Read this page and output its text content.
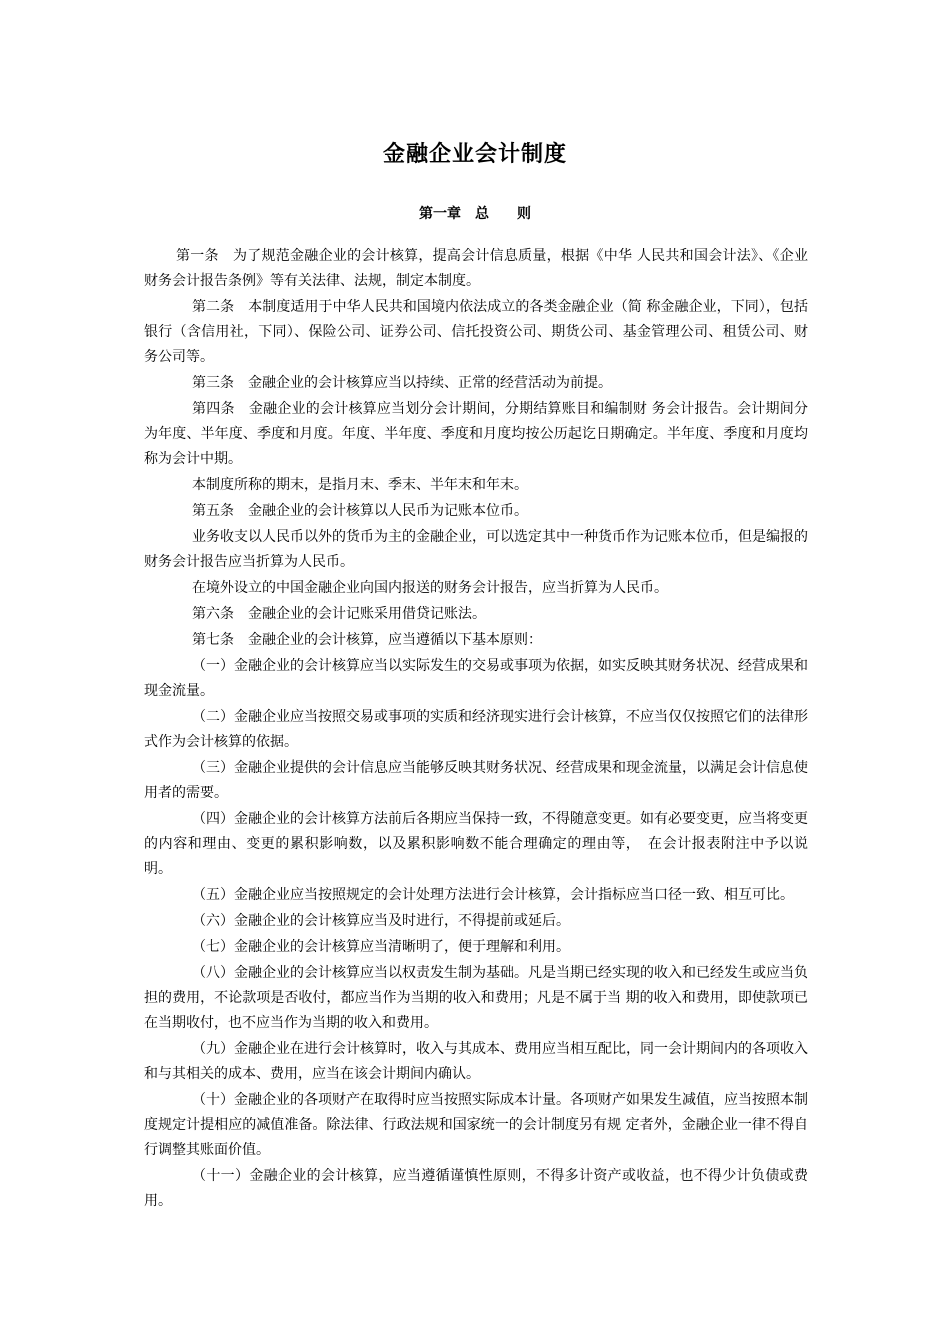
金融企业会计制度
第一章　总　　则

第一条　为了规范金融企业的会计核算，提高会计信息质量，根据《中华 人民共和国会计法》、《企业财务会计报告条例》等有关法律、法规，制定本制度。

第二条　本制度适用于中华人民共和国境内依法成立的各类金融企业（简 称金融企业，下同），包括银行（含信用社，下同）、保险公司、证券公司、信托投资公司、期货公司、基金管理公司、租赁公司、财务公司等。

第三条　金融企业的会计核算应当以持续、正常的经营活动为前提。

第四条　金融企业的会计核算应当划分会计期间，分期结算账目和编制财 务会计报告。会计期间分为年度、半年度、季度和月度。年度、半年度、季度和月度均按公历起讫日期确定。半年度、季度和月度均称为会计中期。

本制度所称的期末，是指月末、季末、半年末和年末。

第五条　金融企业的会计核算以人民币为记账本位币。

业务收支以人民币以外的货币为主的金融企业，可以选定其中一种货币作为记账本位币，但是编报的财务会计报告应当折算为人民币。

在境外设立的中国金融企业向国内报送的财务会计报告，应当折算为人民币。

第六条　金融企业的会计记账采用借贷记账法。

第七条　金融企业的会计核算，应当遵循以下基本原则：

（一）金融企业的会计核算应当以实际发生的交易或事项为依据，如实反映其财务状况、经营成果和现金流量。

（二）金融企业应当按照交易或事项的实质和经济现实进行会计核算，不应当仅仅按照它们的法律形式作为会计核算的依据。

（三）金融企业提供的会计信息应当能够反映其财务状况、经营成果和现金流量，以满足会计信息使用者的需要。

（四）金融企业的会计核算方法前后各期应当保持一致，不得随意变更。如有必要变更，应当将变更的内容和理由、变更的累积影响数，以及累积影响数不能合理确定的理由等，　在会计报表附注中予以说明。

（五）金融企业应当按照规定的会计处理方法进行会计核算，会计指标应当口径一致、相互可比。

（六）金融企业的会计核算应当及时进行，不得提前或延后。

（七）金融企业的会计核算应当清晰明了，便于理解和利用。

（八）金融企业的会计核算应当以权责发生制为基础。凡是当期已经实现的收入和已经发生或应当负担的费用，不论款项是否收付，都应当作为当期的收入和费用；凡是不属于当 期的收入和费用，即使款项已在当期收付，也不应当作为当期的收入和费用。

（九）金融企业在进行会计核算时，收入与其成本、费用应当相互配比，同一会计期间内的各项收入和与其相关的成本、费用，应当在该会计期间内确认。

（十）金融企业的各项财产在取得时应当按照实际成本计量。各项财产如果发生减值，应当按照本制度规定计提相应的减值准备。除法律、行政法规和国家统一的会计制度另有规 定者外，金融企业一律不得自行调整其账面价值。

（十一）金融企业的会计核算，应当遵循谨慎性原则，不得多计资产或收益，也不得少计负债或费用。
